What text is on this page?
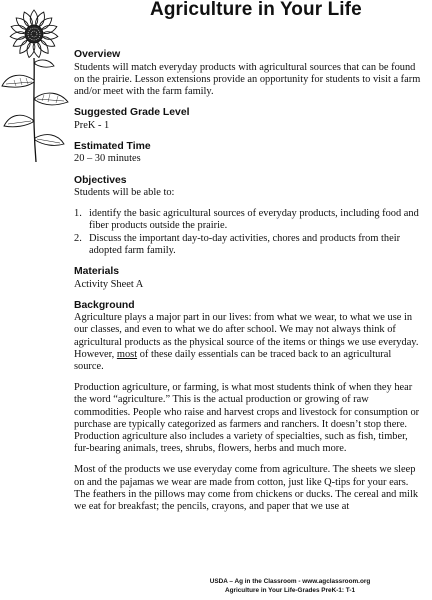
Agriculture in Your Life

Overview

Students will match everyday products with agricultural sources that can be found on the prairie. Lesson extensions provide an opportunity for students to visit a farm and/or meet with the farm family.

Suggested Grade Level

PreK - 1

Estimated Time

20 – 30 minutes

Objectives

Students will be able to:

1. identify the basic agricultural sources of everyday products, including food and fiber products outside the prairie.
2. Discuss the important day-to-day activities, chores and products from their adopted farm family.

Materials

Activity Sheet A

Background

Agriculture plays a major part in our lives: from what we wear, to what we use in our classes, and even to what we do after school. We may not always think of agricultural products as the physical source of the items or things we use everyday. However, most of these daily essentials can be traced back to an agricultural source.

Production agriculture, or farming, is what most students think of when they hear the word “agriculture.” This is the actual production or growing of raw commodities. People who raise and harvest crops and livestock for consumption or purchase are typically categorized as farmers and ranchers. It doesn’t stop there. Production agriculture also includes a variety of specialties, such as fish, timber, fur-bearing animals, trees, shrubs, flowers, herbs and much more.

Most of the products we use everyday come from agriculture. The sheets we sleep on and the pajamas we wear are made from cotton, just like Q-tips for your ears. The feathers in the pillows may come from chickens or ducks. The cereal and milk we eat for breakfast; the pencils, crayons, and paper that we use at

USDA – Ag in the Classroom - www.agclassroom.org
Agriculture in Your Life-Grades PreK-1: T-1
